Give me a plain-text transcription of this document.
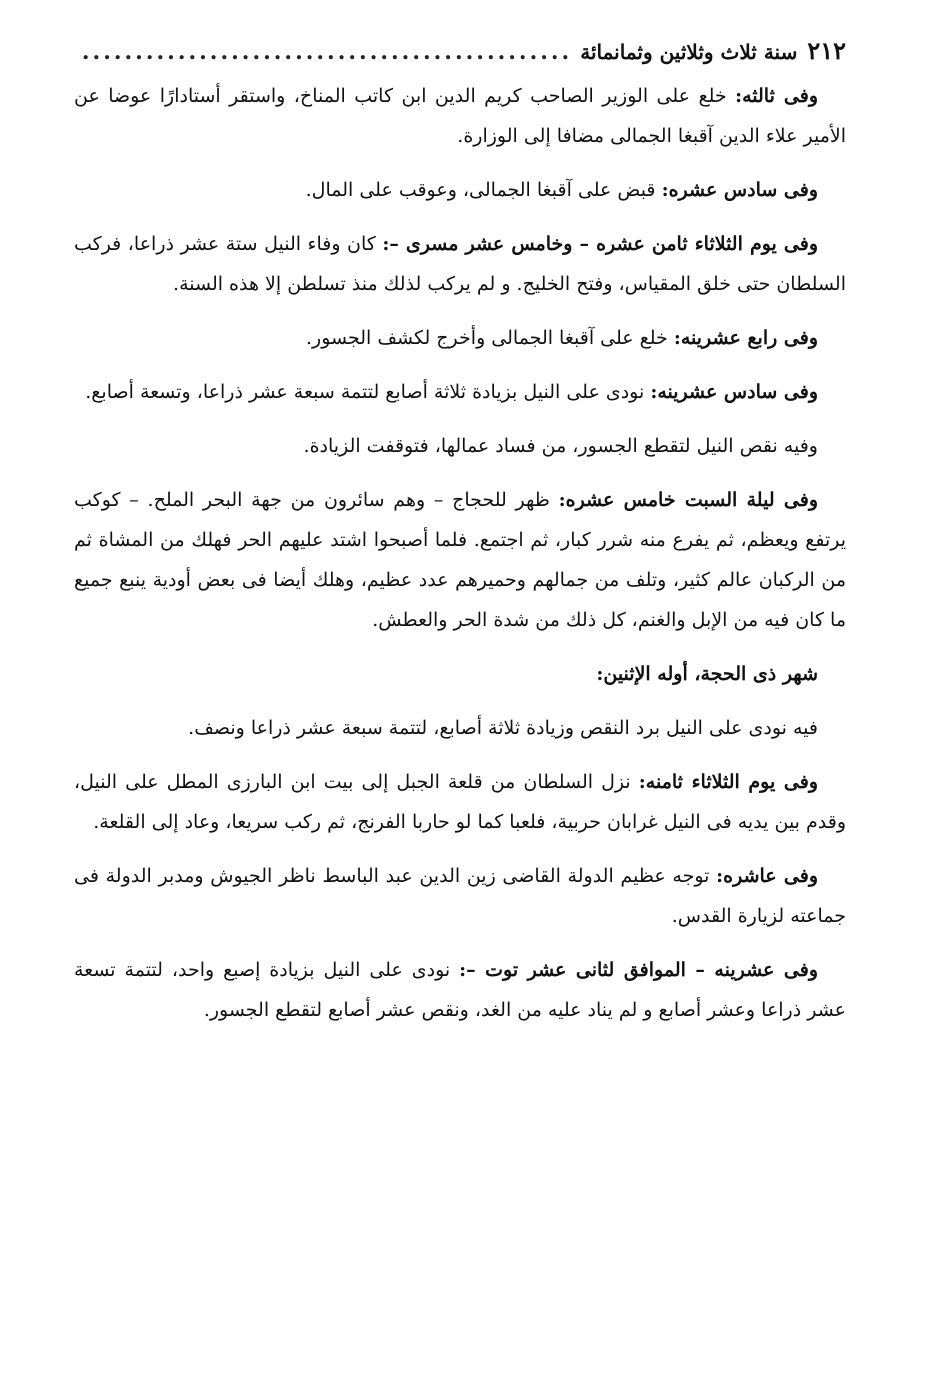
٢١٢
سنة ثلاث وثلاثين وثمانمائة
..............................................

وفى ثالثه: خلع على الوزير الصاحب كريم الدين ابن كاتب المناخ، واستقر أستادارًا عوضا عن الأمير علاء الدين آقبغا الجمالى مضافا إلى الوزارة.

وفى سادس عشره: قبض على آقبغا الجمالى، وعوقب على المال.

وفى يوم الثلاثاء ثامن عشره – وخامس عشر مسرى –: كان وفاء النيل ستة عشر ذراعا، فركب السلطان حتى خلق المقياس، وفتح الخليج. و لم يركب لذلك منذ تسلطن إلا هذه السنة.

وفى رابع عشرينه: خلع على آقبغا الجمالى وأخرج لكشف الجسور.

وفى سادس عشرينه: نودى على النيل بزيادة ثلاثة أصابع لتتمة سبعة عشر ذراعا، وتسعة أصابع.

وفيه نقص النيل لتقطع الجسور، من فساد عمالها، فتوقفت الزيادة.

وفى ليلة السبت خامس عشره: ظهر للحجاج – وهم سائرون من جهة البحر الملح. – كوكب يرتفع ويعظم، ثم يفرع منه شرر كبار، ثم اجتمع. فلما أصبحوا اشتد عليهم الحر فهلك من المشاة ثم من الركبان عالم كثير، وتلف من جمالهم وحميرهم عدد عظيم، وهلك أيضا فى بعض أودية ينبع جميع ما كان فيه من الإبل والغنم، كل ذلك من شدة الحر والعطش.

شهر ذى الحجة، أوله الإثنين:

فيه نودى على النيل برد النقص وزيادة ثلاثة أصابع، لتتمة سبعة عشر ذراعا ونصف.

وفى يوم الثلاثاء ثامنه: نزل السلطان من قلعة الجبل إلى بيت ابن البارزى المطل على النيل، وقدم بين يديه فى النيل غرابان حربية، فلعبا كما لو حاربا الفرنج، ثم ركب سريعا، وعاد إلى القلعة.

وفى عاشره: توجه عظيم الدولة القاضى زين الدين عبد الباسط ناظر الجيوش ومدبر الدولة فى جماعته لزيارة القدس.

وفى عشرينه – الموافق لثانى عشر توت –: نودى على النيل بزيادة إصبع واحد، لتتمة تسعة عشر ذراعا وعشر أصابع و لم يناد عليه من الغد، ونقص عشر أصابع لتقطع الجسور.
